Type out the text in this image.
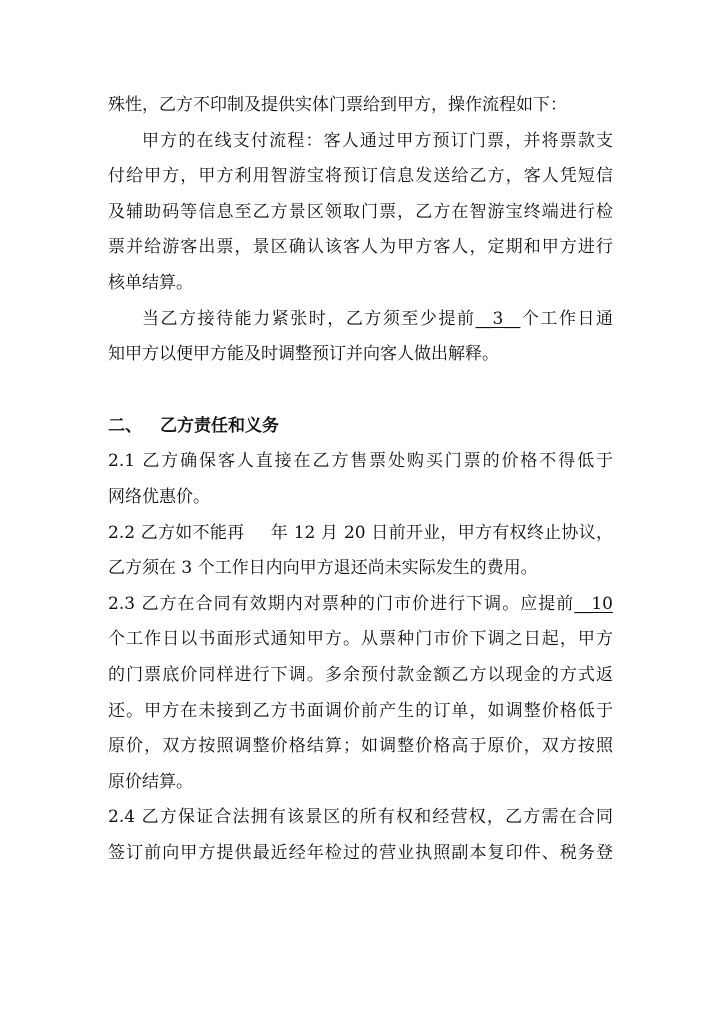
殊性，乙方不印制及提供实体门票给到甲方，操作流程如下：
甲方的在线支付流程：客人通过甲方预订门票，并将票款支
付给甲方，甲方利用智游宝将预订信息发送给乙方，客人凭短信
及辅助码等信息至乙方景区领取门票，乙方在智游宝终端进行检
票并给游客出票，景区确认该客人为甲方客人，定期和甲方进行
核单结算。
当乙方接待能力紧张时，乙方须至少提前__3__个工作日通
知甲方以便甲方能及时调整预订并向客人做出解释。
二、 乙方责任和义务
2.1 乙方确保客人直接在乙方售票处购买门票的价格不得低于
网络优惠价。
2.2 乙方如不能再 年 12 月 20 日前开业，甲方有权终止协议，
乙方须在 3 个工作日内向甲方退还尚未实际发生的费用。
2.3 乙方在合同有效期内对票种的门市价进行下调。应提前__10
个工作日以书面形式通知甲方。从票种门市价下调之日起，甲方
的门票底价同样进行下调。多余预付款金额乙方以现金的方式返
还。甲方在未接到乙方书面调价前产生的订单，如调整价格低于
原价，双方按照调整价格结算；如调整价格高于原价，双方按照
原价结算。
2.4 乙方保证合法拥有该景区的所有权和经营权，乙方需在合同
签订前向甲方提供最近经年检过的营业执照副本复印件、税务登
